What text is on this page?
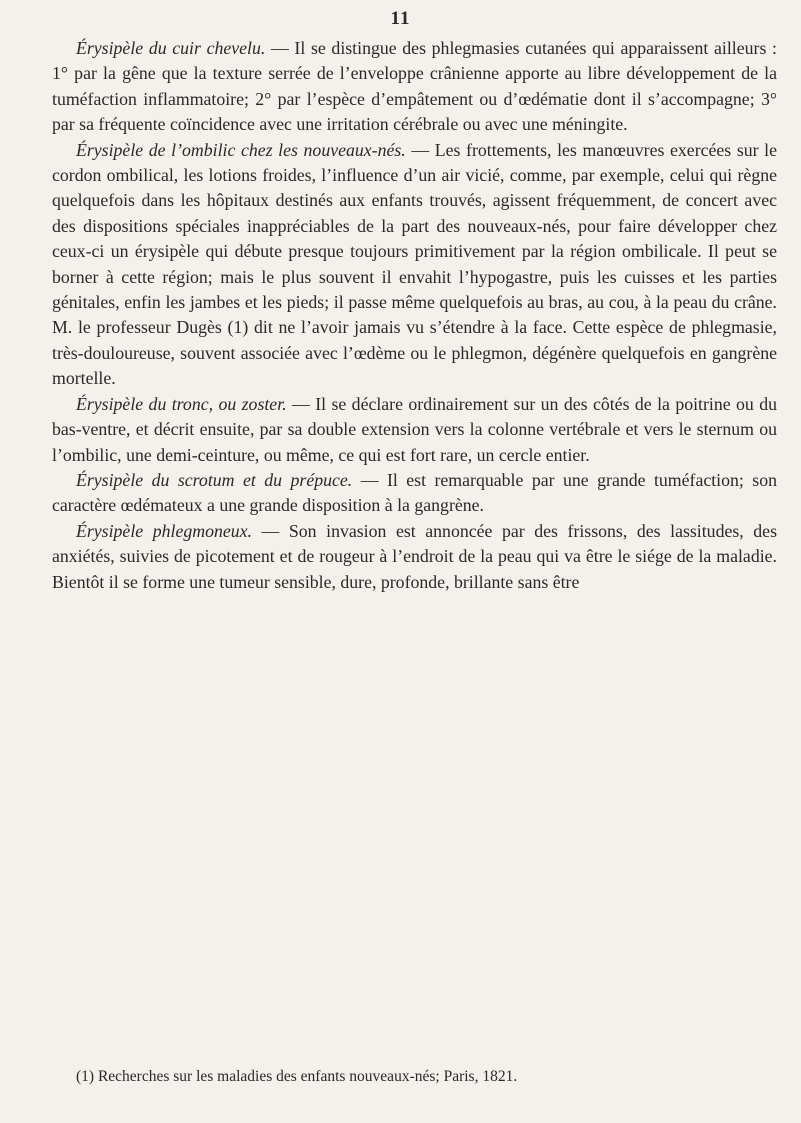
11

Érysipèle du cuir chevelu. — Il se distingue des phlegmasies cutanées qui apparaissent ailleurs : 1° par la gêne que la texture serrée de l’enveloppe crânienne apporte au libre développement de la tuméfaction inflammatoire; 2° par l’espèce d’empâtement ou d’œdématie dont il s’accompagne; 3° par sa fréquente coïncidence avec une irritation cérébrale ou avec une méningite.

Érysipèle de l’ombilic chez les nouveaux-nés. — Les frottements, les manœuvres exercées sur le cordon ombilical, les lotions froides, l’influence d’un air vicié, comme, par exemple, celui qui règne quelquefois dans les hôpitaux destinés aux enfants trouvés, agissent fréquemment, de concert avec des dispositions spéciales inappréciables de la part des nouveaux-nés, pour faire développer chez ceux-ci un érysipèle qui débute presque toujours primitivement par la région ombilicale. Il peut se borner à cette région; mais le plus souvent il envahit l’hypogastre, puis les cuisses et les parties génitales, enfin les jambes et les pieds; il passe même quelquefois au bras, au cou, à la peau du crâne. M. le professeur Dugès (1) dit ne l’avoir jamais vu s’étendre à la face. Cette espèce de phlegmasie, très-douloureuse, souvent associée avec l’œdème ou le phlegmon, dégénère quelquefois en gangrène mortelle.

Érysipèle du tronc, ou zoster. — Il se déclare ordinairement sur un des côtés de la poitrine ou du bas-ventre, et décrit ensuite, par sa double extension vers la colonne vertébrale et vers le sternum ou l’ombilic, une demi-ceinture, ou même, ce qui est fort rare, un cercle entier.

Érysipèle du scrotum et du prépuce. — Il est remarquable par une grande tuméfaction; son caractère œdémateux a une grande disposition à la gangrène.

Érysipèle phlegmoneux. — Son invasion est annoncée par des frissons, des lassitudes, des anxiétés, suivies de picotement et de rougeur à l’endroit de la peau qui va être le siége de la maladie. Bientôt il se forme une tumeur sensible, dure, profonde, brillante sans être

(1) Recherches sur les maladies des enfants nouveaux-nés; Paris, 1821.
